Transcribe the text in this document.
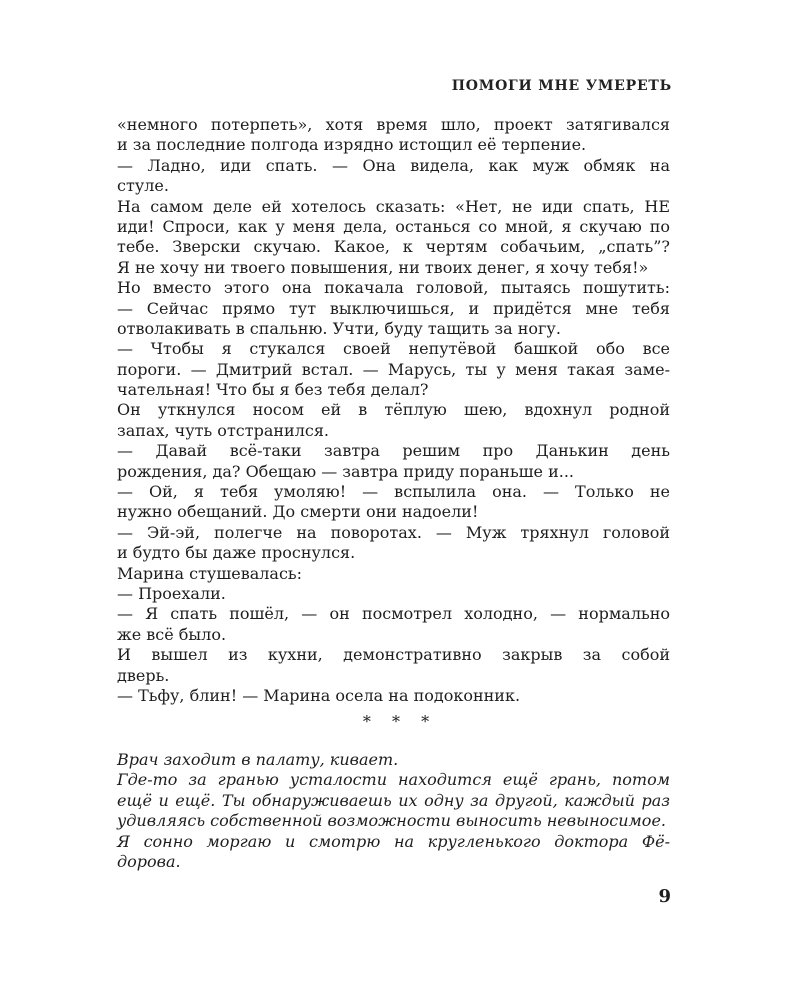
ПОМОГИ МНЕ УМЕРЕТЬ
«немного потерпеть», хотя время шло, проект затягивался
и за последние полгода изрядно истощил её терпение.
— Ладно, иди спать. — Она видела, как муж обмяк на
стуле.
На самом деле ей хотелось сказать: «Нет, не иди спать, НЕ
иди! Спроси, как у меня дела, останься со мной, я скучаю по
тебе. Зверски скучаю. Какое, к чертям собачьим, „спать”?
Я не хочу ни твоего повышения, ни твоих денег, я хочу тебя!»
Но вместо этого она покачала головой, пытаясь пошутить:
— Сейчас прямо тут выключишься, и придётся мне тебя
отволакивать в спальню. Учти, буду тащить за ногу.
— Чтобы я стукался своей непутёвой башкой обо все
пороги. — Дмитрий встал. — Марусь, ты у меня такая заме-
чательная! Что бы я без тебя делал?
Он уткнулся носом ей в тёплую шею, вдохнул родной
запах, чуть отстранился.
— Давай всё-таки завтра решим про Данькин день
рождения, да? Обещаю — завтра приду пораньше и...
— Ой, я тебя умоляю! — вспылила она. — Только не
нужно обещаний. До смерти они надоели!
— Эй-эй, полегче на поворотах. — Муж тряхнул головой
и будто бы даже проснулся.
Марина стушевалась:
— Проехали.
— Я спать пошёл, — он посмотрел холодно, — нормально
же всё было.
И вышел из кухни, демонстративно закрыв за собой
дверь.
— Тьфу, блин! — Марина осела на подоконник.
* * *
Врач заходит в палату, кивает.
Где-то за гранью усталости находится ещё грань, потом
ещё и ещё. Ты обнаруживаешь их одну за другой, каждый раз
удивляясь собственной возможности выносить невыносимое.
Я сонно моргаю и смотрю на кругленького доктора Фё-
дорова.
9
